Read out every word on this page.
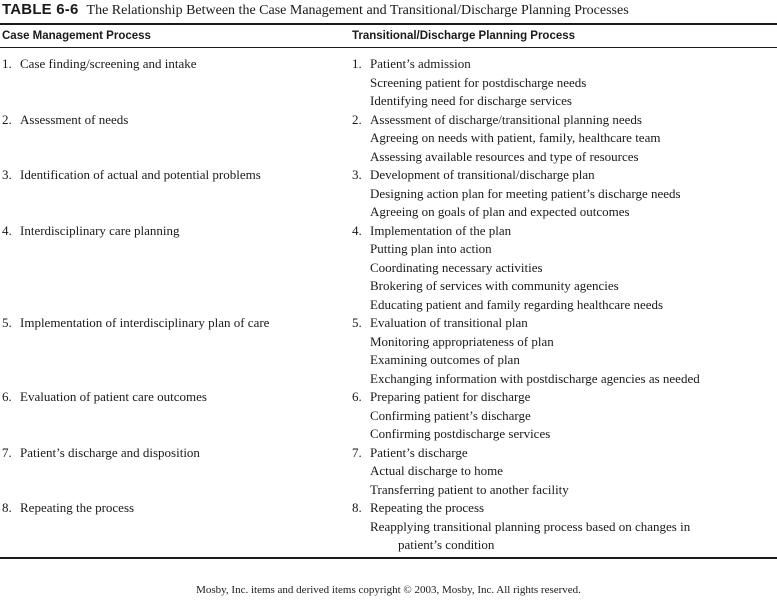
TABLE 6-6 The Relationship Between the Case Management and Transitional/Discharge Planning Processes
Case Management Process	Transitional/Discharge Planning Process
1. Case finding/screening and intake	1. Patient’s admission
Screening patient for postdischarge needs
Identifying need for discharge services
2. Assessment of needs	2. Assessment of discharge/transitional planning needs
Agreeing on needs with patient, family, healthcare team
Assessing available resources and type of resources
3. Identification of actual and potential problems	3. Development of transitional/discharge plan
Designing action plan for meeting patient’s discharge needs
Agreeing on goals of plan and expected outcomes
4. Interdisciplinary care planning	4. Implementation of the plan
Putting plan into action
Coordinating necessary activities
Brokering of services with community agencies
Educating patient and family regarding healthcare needs
5. Implementation of interdisciplinary plan of care	5. Evaluation of transitional plan
Monitoring appropriateness of plan
Examining outcomes of plan
Exchanging information with postdischarge agencies as needed
6. Evaluation of patient care outcomes	6. Preparing patient for discharge
Confirming patient’s discharge
Confirming postdischarge services
7. Patient’s discharge and disposition	7. Patient’s discharge
Actual discharge to home
Transferring patient to another facility
8. Repeating the process	8. Repeating the process
Reapplying transitional planning process based on changes in
patient’s condition
Mosby, Inc. items and derived items copyright © 2003, Mosby, Inc. All rights reserved.
